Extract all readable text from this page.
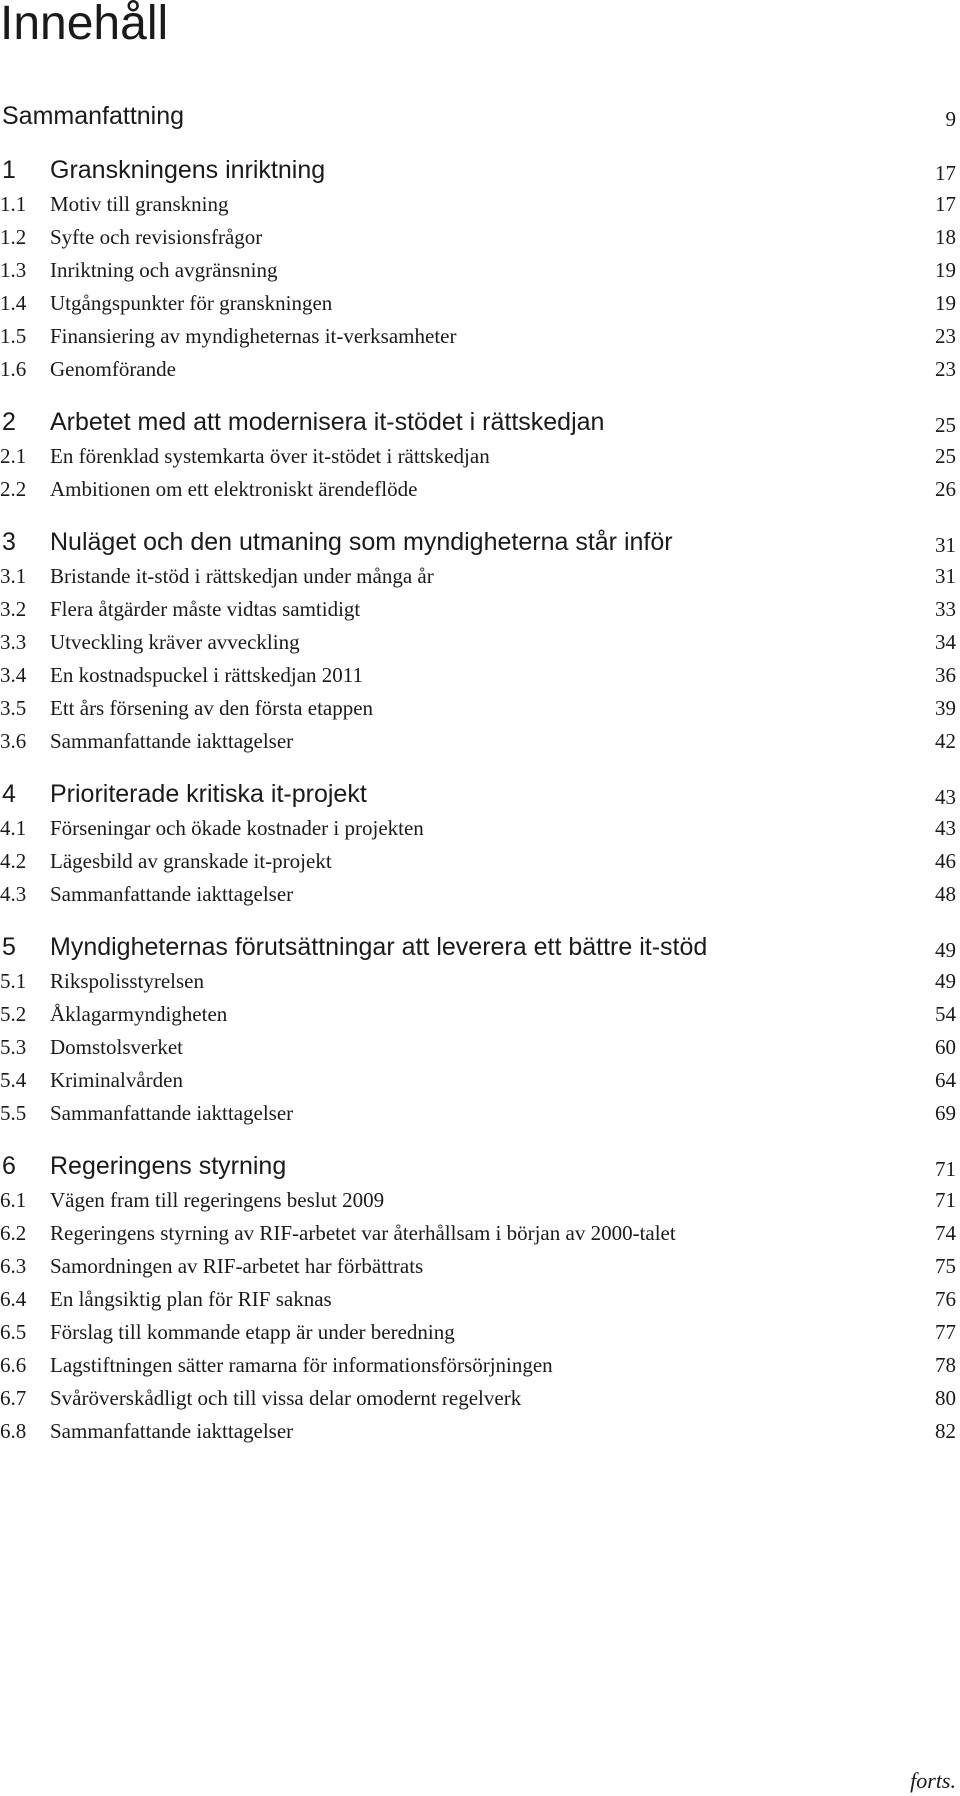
Innehåll
Sammanfattning	9
1 Granskningens inriktning	17
1.1 Motiv till granskning	17
1.2 Syfte och revisionsfrågor	18
1.3 Inriktning och avgränsning	19
1.4 Utgångspunkter för granskningen	19
1.5 Finansiering av myndigheternas it-verksamheter	23
1.6 Genomförande	23
2 Arbetet med att modernisera it-stödet i rättskedjan	25
2.1 En förenklad systemkarta över it-stödet i rättskedjan	25
2.2 Ambitionen om ett elektroniskt ärendeflöde	26
3 Nuläget och den utmaning som myndigheterna står inför	31
3.1 Bristande it-stöd i rättskedjan under många år	31
3.2 Flera åtgärder måste vidtas samtidigt	33
3.3 Utveckling kräver avveckling	34
3.4 En kostnadspuckel i rättskedjan 2011	36
3.5 Ett års försening av den första etappen	39
3.6 Sammanfattande iakttagelser	42
4 Prioriterade kritiska it-projekt	43
4.1 Förseningar och ökade kostnader i projekten	43
4.2 Lägesbild av granskade it-projekt	46
4.3 Sammanfattande iakttagelser	48
5 Myndigheternas förutsättningar att leverera ett bättre it-stöd	49
5.1 Rikspolisstyrelsen	49
5.2 Åklagarmyndigheten	54
5.3 Domstolsverket	60
5.4 Kriminalvården	64
5.5 Sammanfattande iakttagelser	69
6 Regeringens styrning	71
6.1 Vägen fram till regeringens beslut 2009	71
6.2 Regeringens styrning av RIF-arbetet var återhållsam i början av 2000-talet	74
6.3 Samordningen av RIF-arbetet har förbättrats	75
6.4 En långsiktig plan för RIF saknas	76
6.5 Förslag till kommande etapp är under beredning	77
6.6 Lagstiftningen sätter ramarna för informationsförsörjningen	78
6.7 Svåröverskådligt och till vissa delar omodernt regelverk	80
6.8 Sammanfattande iakttagelser	82
forts.
